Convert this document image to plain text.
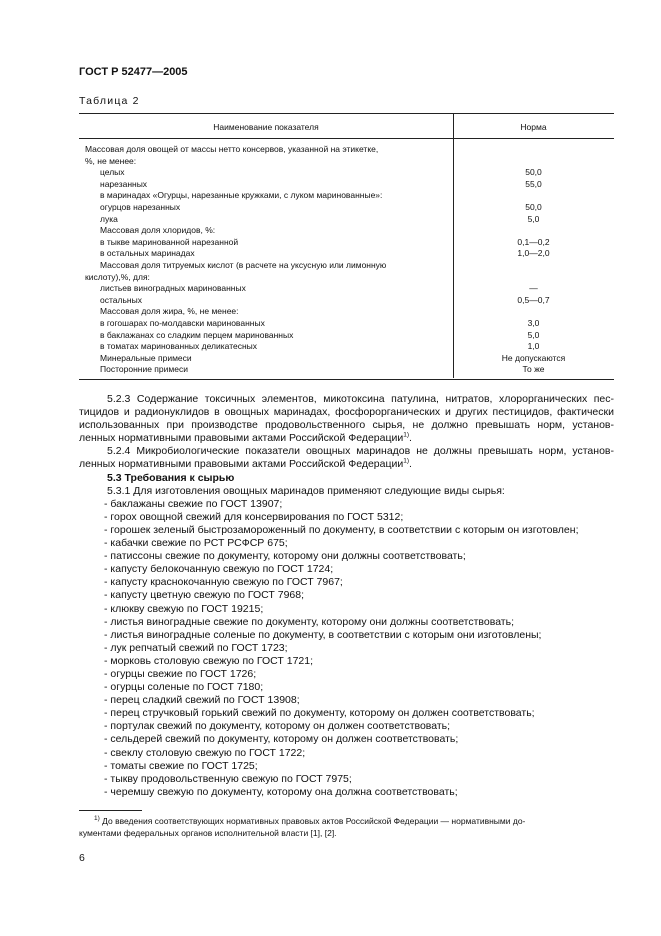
ГОСТ Р 52477—2005
Таблица 2
Наименование показателя	Норма
Массовая доля овощей от массы нетто консервов, указанной на этикетке,
%, не менее:
целых	50,0
нарезанных	55,0
в маринадах «Огурцы, нарезанные кружками, с луком маринованные»:
огурцов нарезанных	50,0
лука	5,0
Массовая доля хлоридов, %:
в тыкве маринованной нарезанной	0,1—0,2
в остальных маринадах	1,0—2,0
Массовая доля титруемых кислот (в расчете на уксусную или лимонную
кислоту),%, для:
листьев виноградных маринованных	—
остальных	0,5—0,7
Массовая доля жира, %, не менее:
в гогошарах по-молдавски маринованных	3,0
в баклажанах со сладким перцем маринованных	5,0
в томатах маринованных деликатесных	1,0
Минеральные примеси	Не допускаются
Посторонние примеси	То же

5.2.3 Содержание токсичных элементов, микотоксина патулина, нитратов, хлорорганических пес-

тицидов и радионуклидов в овощных маринадах, фосфорорганических и других пестицидов, фактически

использованных при производстве продовольственного сырья, не должно превышать норм, установ-

ленных нормативными правовыми актами Российской Федерации$^{1)}$.

5.2.4 Микробиологические показатели овощных маринадов не должны превышать норм, установ-

ленных нормативными правовыми актами Российской Федерации$^{1)}$.

5.3 Требования к сырью

5.3.1 Для изготовления овощных маринадов применяют следующие виды сырья:

- баклажаны свежие по ГОСТ 13907;

- горох овощной свежий для консервирования по ГОСТ 5312;

- горошек зеленый быстрозамороженный по документу, в соответствии с которым он изготовлен;

- кабачки свежие по РСТ РСФСР 675;

- патиссоны свежие по документу, которому они должны соответствовать;

- капусту белокочанную свежую по ГОСТ 1724;

- капусту краснокочанную свежую по ГОСТ 7967;

- капусту цветную свежую по ГОСТ 7968;

- клюкву свежую по ГОСТ 19215;

- листья виноградные свежие по документу, которому они должны соответствовать;

- листья виноградные соленые по документу, в соответствии с которым они изготовлены;

- лук репчатый свежий по ГОСТ 1723;

- морковь столовую свежую по ГОСТ 1721;

- огурцы свежие по ГОСТ 1726;

- огурцы соленые по ГОСТ 7180;

- перец сладкий свежий по ГОСТ 13908;

- перец стручковый горький свежий по документу, которому он должен соответствовать;

- портулак свежий по документу, которому он должен соответствовать;

- сельдерей свежий по документу, которому он должен соответствовать;

- свеклу столовую свежую по ГОСТ 1722;

- томаты свежие по ГОСТ 1725;

- тыкву продовольственную свежую по ГОСТ 7975;

- черемшу свежую по документу, которому она должна соответствовать;

$^{1)}$ До введения соответствующих нормативных правовых актов Российской Федерации — нормативными до-

кументами федеральных органов исполнительной власти [1], [2].

6
